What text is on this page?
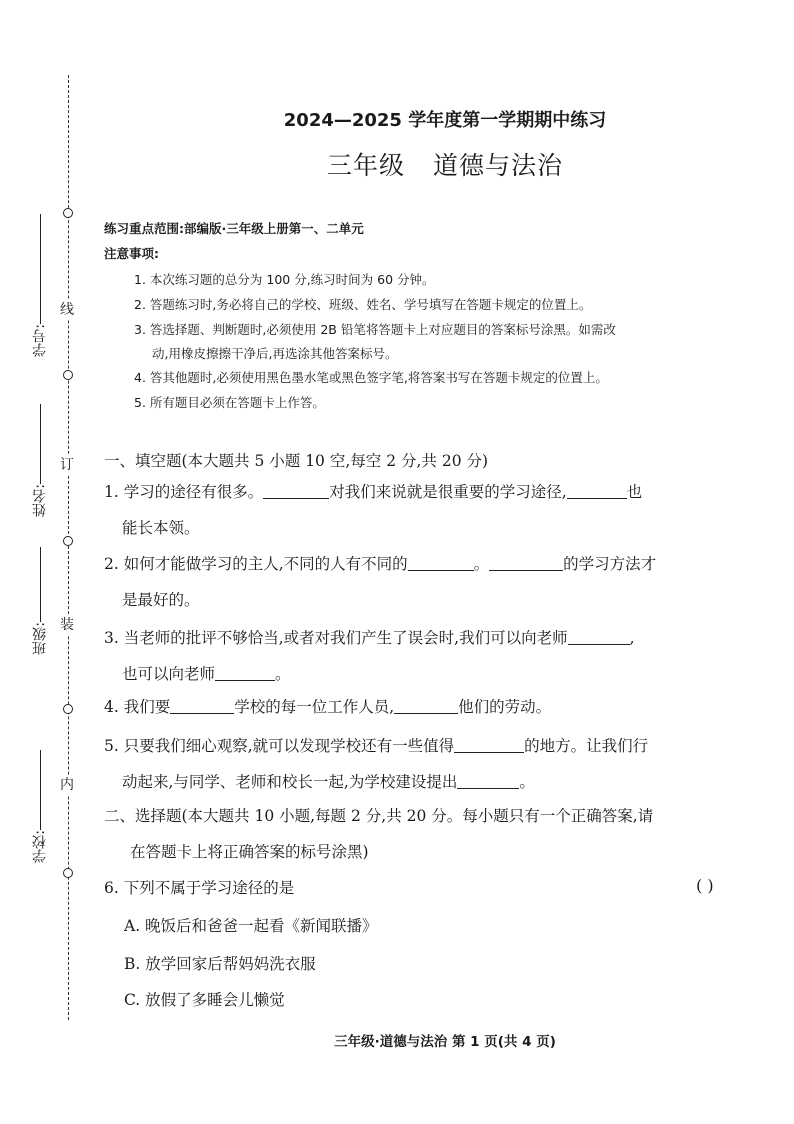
线
订
装
内
学号:
姓名:
班级:
学校:
2024—2025 学年度第一学期期中练习
三年级 道德与法治
练习重点范围:部编版·三年级上册第一、二单元
注意事项:
1. 本次练习题的总分为 100 分,练习时间为 60 分钟。
2. 答题练习时,务必将自己的学校、班级、姓名、学号填写在答题卡规定的位置上。
3. 答选择题、判断题时,必须使用 2B 铅笔将答题卡上对应题目的答案标号涂黑。如需改
动,用橡皮擦擦干净后,再选涂其他答案标号。
4. 答其他题时,必须使用黑色墨水笔或黑色签字笔,将答案书写在答题卡规定的位置上。
5. 所有题目必须在答题卡上作答。
一、填空题(本大题共 5 小题 10 空,每空 2 分,共 20 分)
1. 学习的途径有很多。	对我们来说就是很重要的学习途径,	也
能长本领。
2. 如何才能做学习的主人,不同的人有不同的	。	的学习方法才
是最好的。
3. 当老师的批评不够恰当,或者对我们产生了误会时,我们可以向老师	,
也可以向老师	。
4. 我们要	学校的每一位工作人员,	他们的劳动。
5. 只要我们细心观察,就可以发现学校还有一些值得	的地方。让我们行
动起来,与同学、老师和校长一起,为学校建设提出	。
二、选择题(本大题共 10 小题,每题 2 分,共 20 分。每小题只有一个正确答案,请
在答题卡上将正确答案的标号涂黑)
6. 下列不属于学习途径的是	( )
A. 晚饭后和爸爸一起看《新闻联播》
B. 放学回家后帮妈妈洗衣服
C. 放假了多睡会儿懒觉
三年级·道德与法治 第 1 页(共 4 页)
